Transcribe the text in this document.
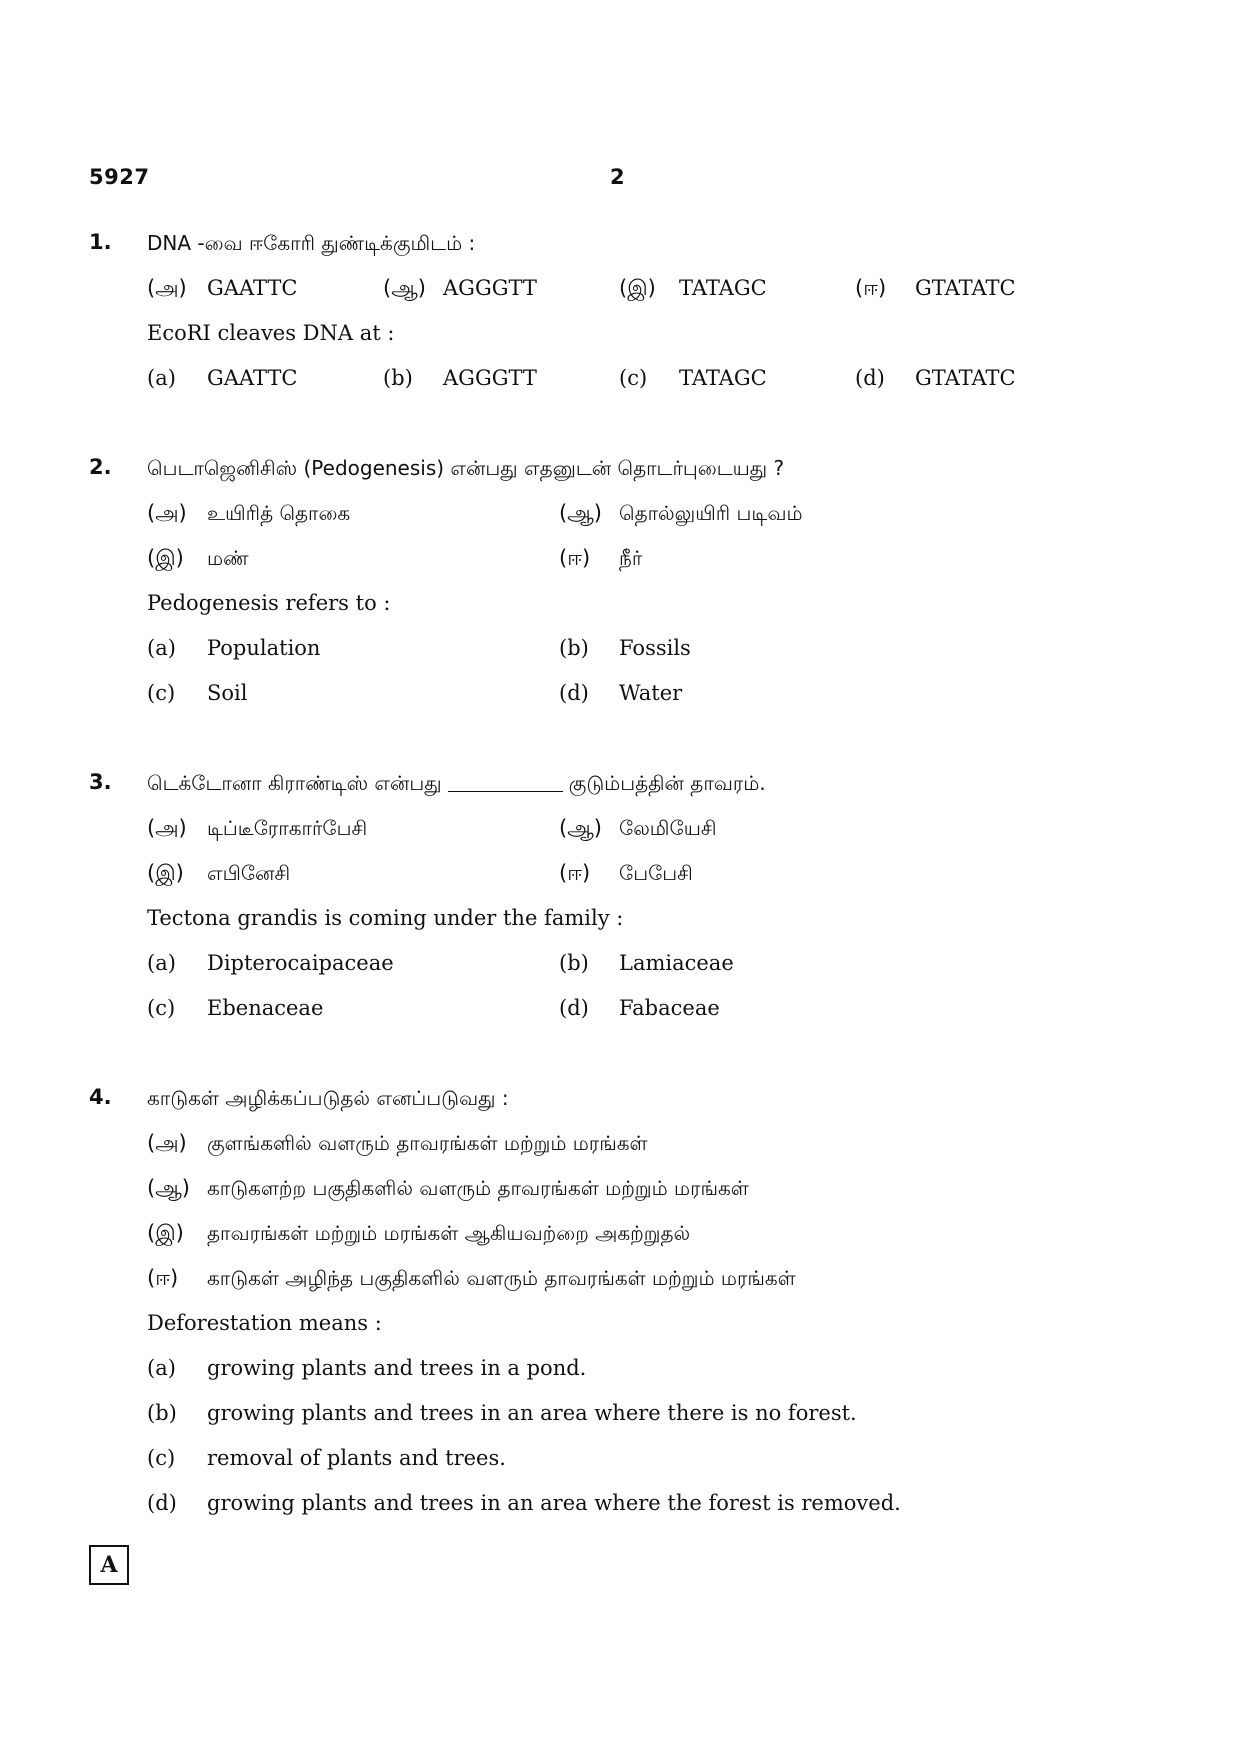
5927	2
1. DNA -வை ஈகோரி துண்டிக்குமிடம் :
(அ) GAATTC	(ஆ) AGGGTT	(இ) TATAGC	(ஈ) GTATATC
EcoRI cleaves DNA at :
(a) GAATTC	(b) AGGGTT	(c) TATAGC	(d) GTATATC
2. பெடாஜெனிசிஸ் (Pedogenesis) என்பது எதனுடன் தொடர்புடையது ?
(அ) உயிரித் தொகை	(ஆ) தொல்லுயிரி படிவம்
(இ) மண்	(ஈ) நீர்
Pedogenesis refers to :
(a) Population	(b) Fossils
(c) Soil	(d) Water
3. டெக்டோனா கிராண்டிஸ் என்பது	குடும்பத்தின் தாவரம்.
(அ) டிப்டீரோகார்பேசி	(ஆ) லேமியேசி
(இ) எபினேசி	(ஈ) பேபேசி
Tectona grandis is coming under the family :
(a) Dipterocaipaceae	(b) Lamiaceae
(c) Ebenaceae	(d) Fabaceae
4. காடுகள் அழிக்கப்படுதல் எனப்படுவது :
(அ) குளங்களில் வளரும் தாவரங்கள் மற்றும் மரங்கள்
(ஆ) காடுகளற்ற பகுதிகளில் வளரும் தாவரங்கள் மற்றும் மரங்கள்
(இ) தாவரங்கள் மற்றும் மரங்கள் ஆகியவற்றை அகற்றுதல்
(ஈ) காடுகள் அழிந்த பகுதிகளில் வளரும் தாவரங்கள் மற்றும் மரங்கள்
Deforestation means :
(a) growing plants and trees in a pond.
(b) growing plants and trees in an area where there is no forest.
(c) removal of plants and trees.
(d) growing plants and trees in an area where the forest is removed.
A
